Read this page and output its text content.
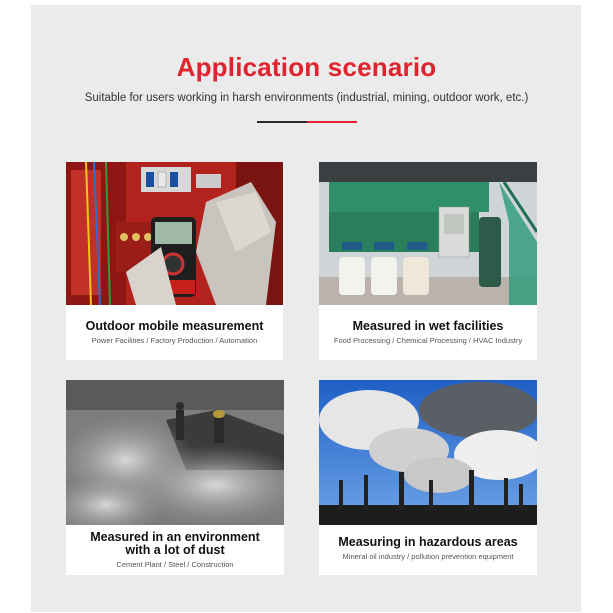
Application scenario
Suitable for users working in harsh environments (industrial, mining, outdoor work, etc.)
Outdoor mobile measurement
Power Facilities / Factory Production / Automation
Measured in wet facilities
Food Processing / Chemical Processing / HVAC Industry
Measured in an environment
with a lot of dust
Cement Plant / Steel / Construction
Measuring in hazardous areas
Mineral oil industry / pollution prevention equipment
